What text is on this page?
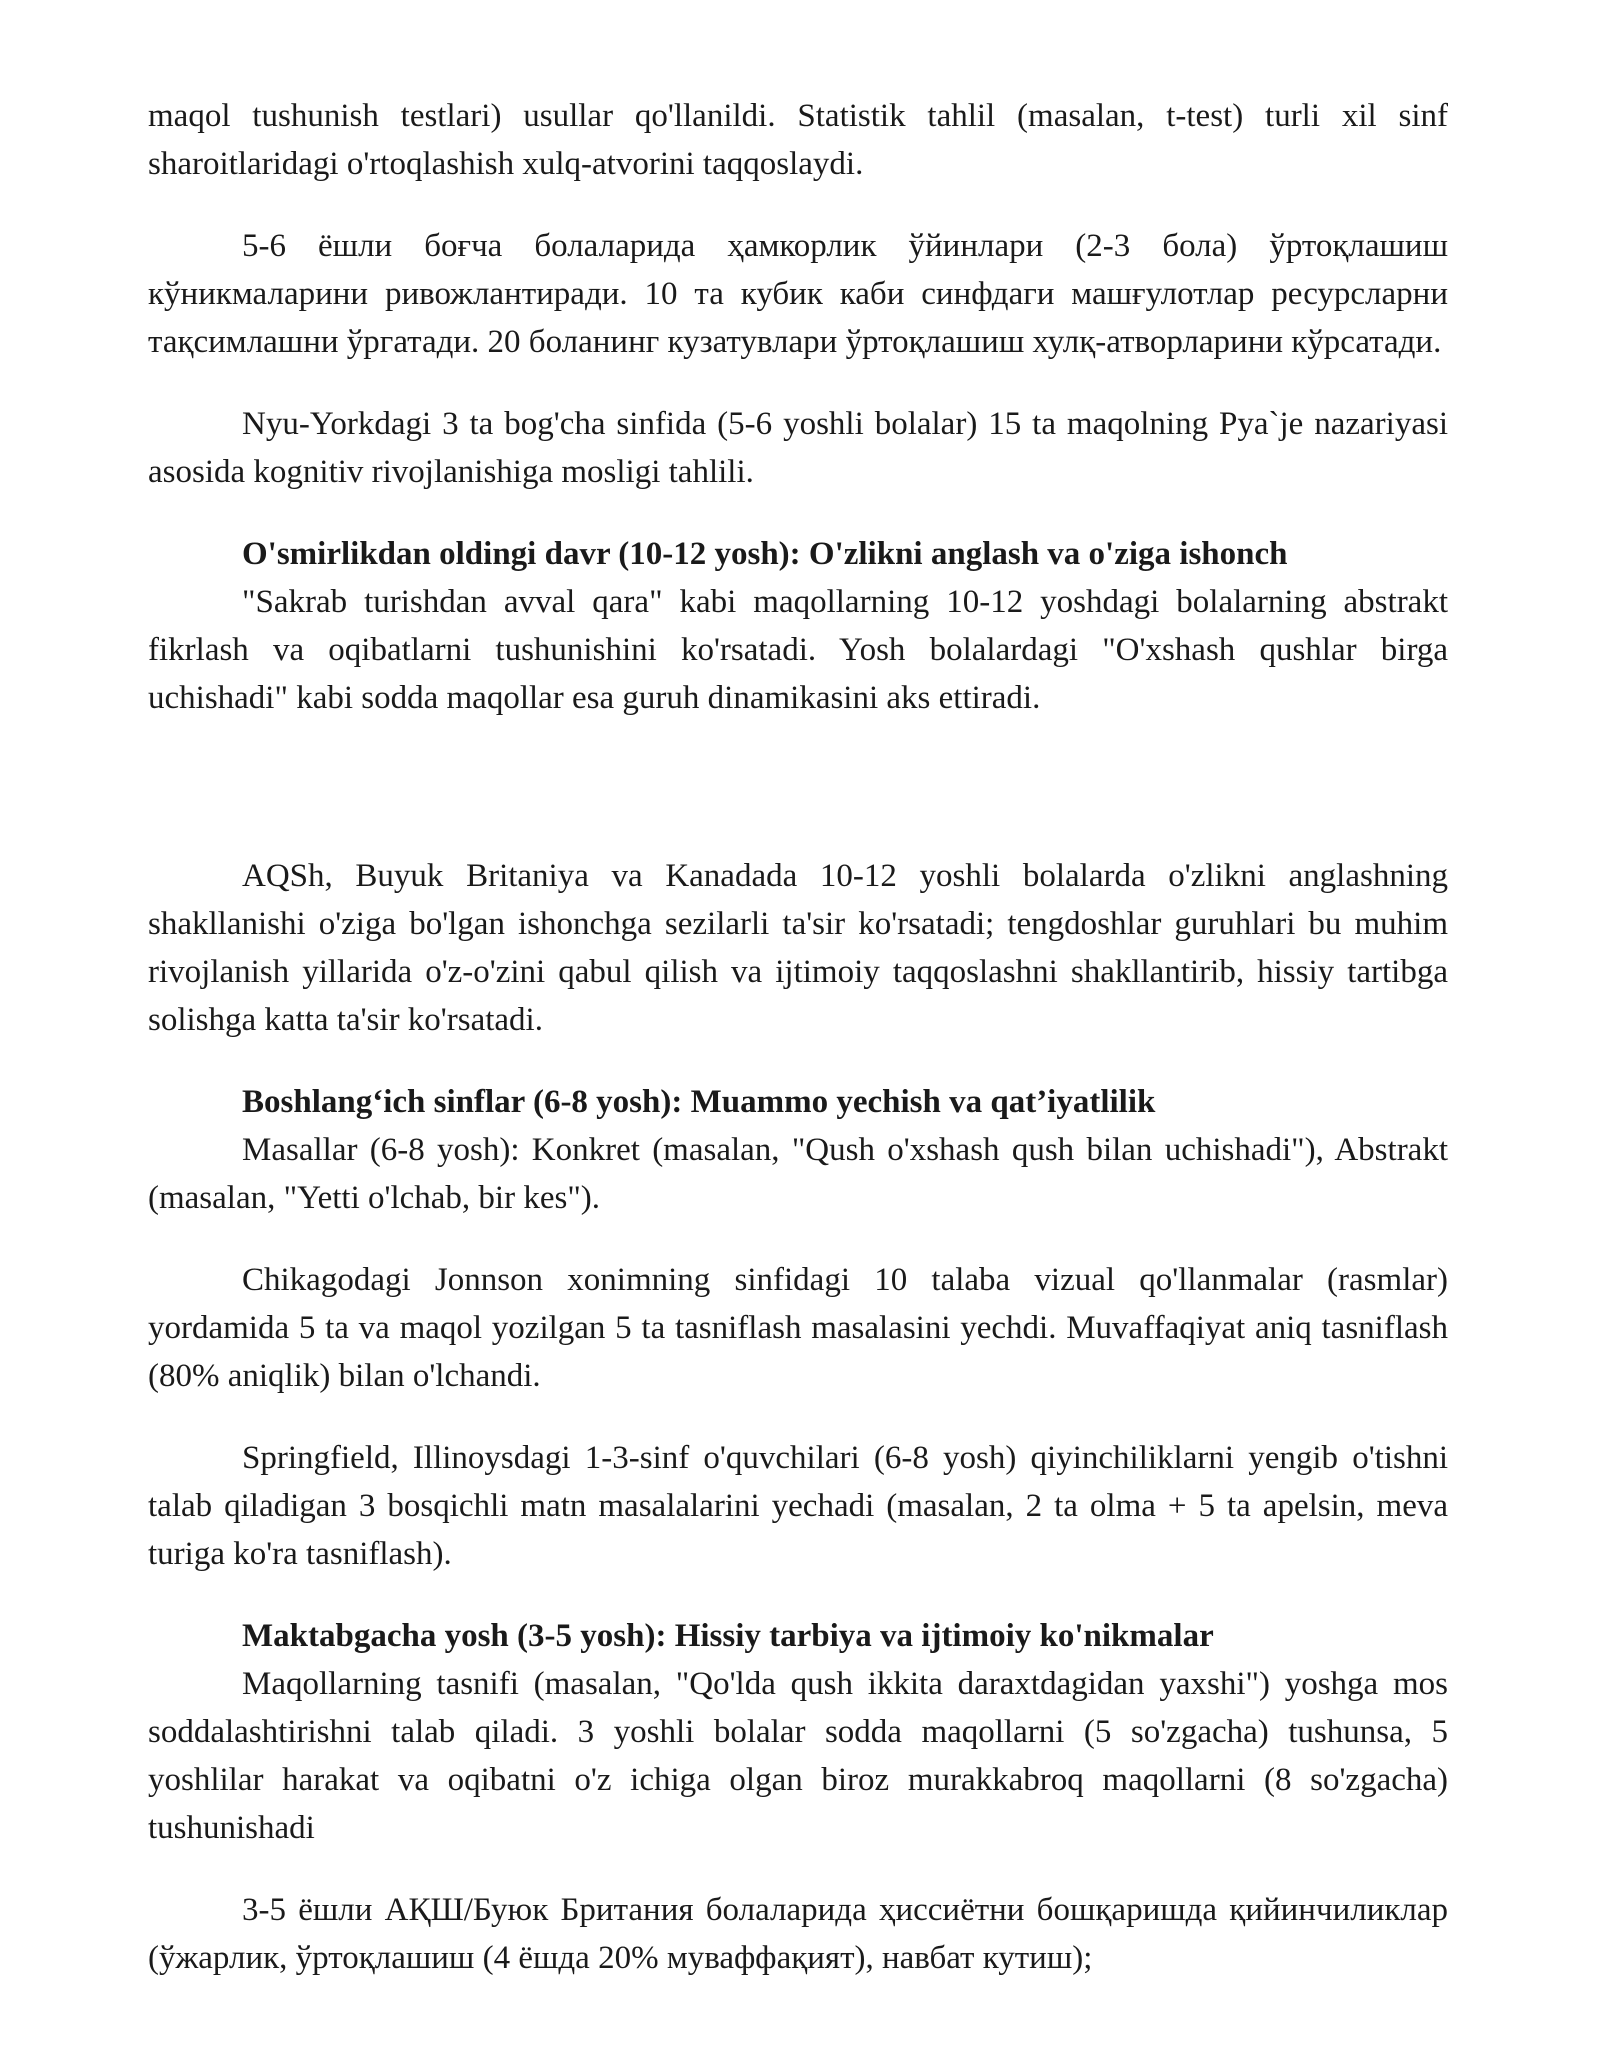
maqol tushunish testlari) usullar qo'llanildi. Statistik tahlil (masalan, t-test) turli xil sinf sharoitlaridagi o'rtoqlashish xulq-atvorini taqqoslaydi.

5-6 ёшли боғча болаларида ҳамкорлик ўйинлари (2-3 бола) ўртоқлашиш кўникмаларини ривожлантиради. 10 та кубик каби синфдаги машғулотлар ресурсларни тақсимлашни ўргатади. 20 боланинг кузатувлари ўртоқлашиш хулқ-атворларини кўрсатади.

Nyu-Yorkdagi 3 ta bog'cha sinfida (5-6 yoshli bolalar) 15 ta maqolning Pya`je nazariyasi asosida kognitiv rivojlanishiga mosligi tahlili.

O'smirlikdan oldingi davr (10-12 yosh): O'zlikni anglash va o'ziga ishonch

"Sakrab turishdan avval qara" kabi maqollarning 10-12 yoshdagi bolalarning abstrakt fikrlash va oqibatlarni tushunishini ko'rsatadi. Yosh bolalardagi "O'xshash qushlar birga uchishadi" kabi sodda maqollar esa guruh dinamikasini aks ettiradi.

AQSh, Buyuk Britaniya va Kanadada 10-12 yoshli bolalarda o'zlikni anglashning shakllanishi o'ziga bo'lgan ishonchga sezilarli ta'sir ko'rsatadi; tengdoshlar guruhlari bu muhim rivojlanish yillarida o'z-o'zini qabul qilish va ijtimoiy taqqoslashni shakllantirib, hissiy tartibga solishga katta ta'sir ko'rsatadi.

Boshlang‘ich sinflar (6-8 yosh): Muammo yechish va qat’iyatlilik

Masallar (6-8 yosh): Konkret (masalan, "Qush o'xshash qush bilan uchishadi"), Abstrakt (masalan, "Yetti o'lchab, bir kes").

Chikagodagi Jonnson xonimning sinfidagi 10 talaba vizual qo'llanmalar (rasmlar) yordamida 5 ta va maqol yozilgan 5 ta tasniflash masalasini yechdi. Muvaffaqiyat aniq tasniflash (80% aniqlik) bilan o'lchandi.

Springfield, Illinoysdagi 1-3-sinf o'quvchilari (6-8 yosh) qiyinchiliklarni yengib o'tishni talab qiladigan 3 bosqichli matn masalalarini yechadi (masalan, 2 ta olma + 5 ta apelsin, meva turiga ko'ra tasniflash).

Maktabgacha yosh (3-5 yosh): Hissiy tarbiya va ijtimoiy ko'nikmalar

Maqollarning tasnifi (masalan, "Qo'lda qush ikkita daraxtdagidan yaxshi") yoshga mos soddalashtirishni talab qiladi. 3 yoshli bolalar sodda maqollarni (5 so'zgacha) tushunsa, 5 yoshlilar harakat va oqibatni o'z ichiga olgan biroz murakkabroq maqollarni (8 so'zgacha) tushunishadi

3-5 ёшли АҚШ/Буюк Британия болаларида ҳиссиётни бошқаришда қийинчиликлар (ўжарлик, ўртоқлашиш (4 ёшда 20% муваффақият), навбат кутиш);
